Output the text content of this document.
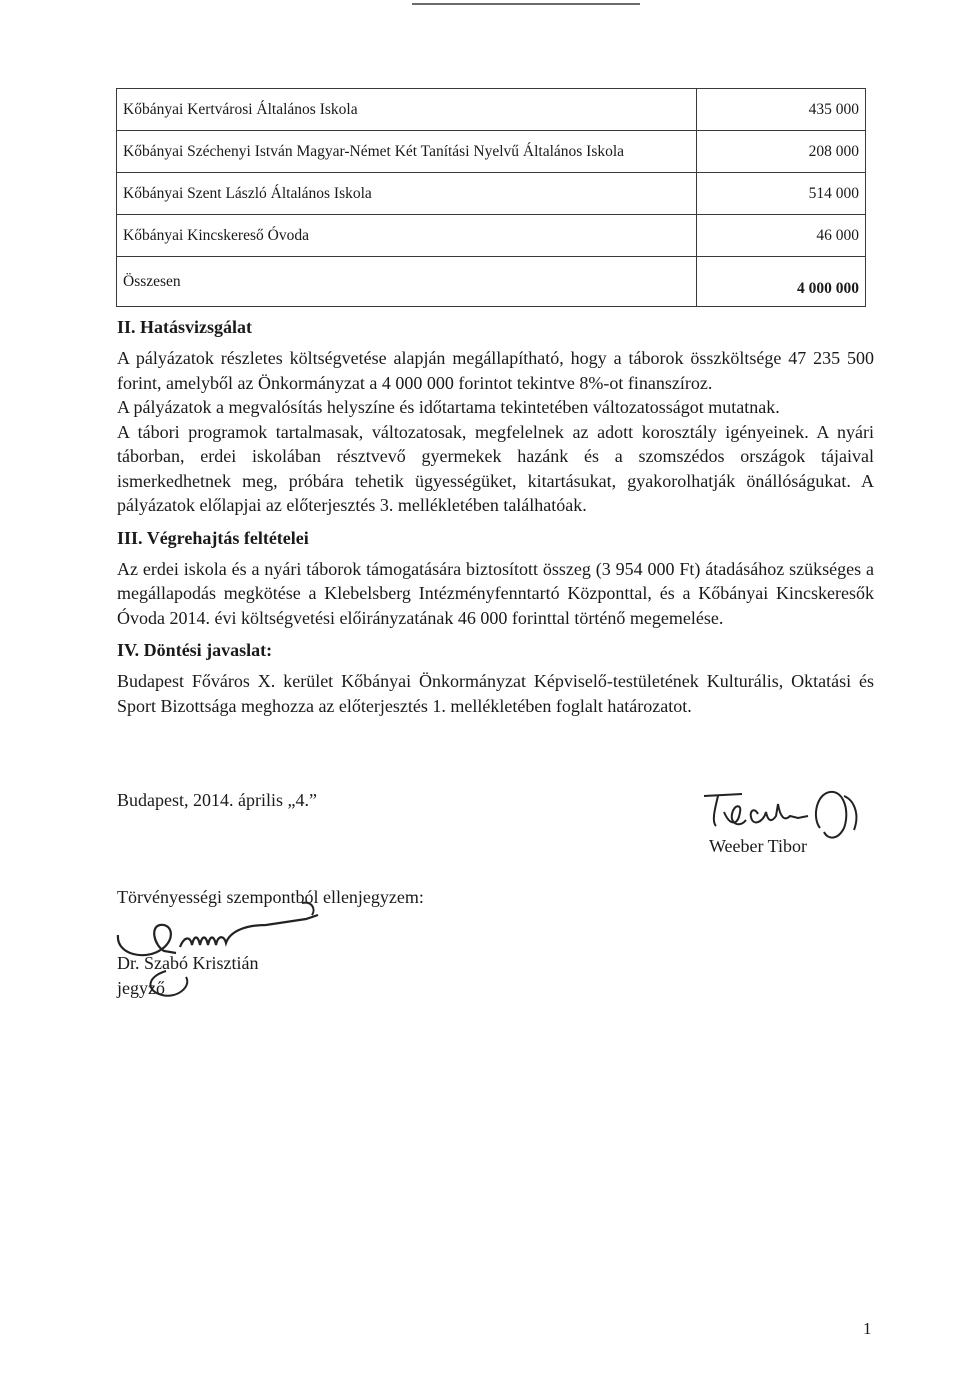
Kőbányai Kertvárosi Általános Iskola	435 000
Kőbányai Széchenyi István Magyar-Német Két Tanítási Nyelvű Általános Iskola	208 000
Kőbányai Szent László Általános Iskola	514 000
Kőbányai Kincskereső Óvoda	46 000
Összesen	4 000 000
II. Hatásvizsgálat

A pályázatok részletes költségvetése alapján megállapítható, hogy a táborok összköltsége 47 235 500 forint, amelyből az Önkormányzat a 4 000 000 forintot tekintve 8%-ot finanszíroz.

A pályázatok a megvalósítás helyszíne és időtartama tekintetében változatosságot mutatnak.

A tábori programok tartalmasak, változatosak, megfelelnek az adott korosztály igényeinek. A nyári táborban, erdei iskolában résztvevő gyermekek hazánk és a szomszédos országok tájaival ismerkedhetnek meg, próbára tehetik ügyességüket, kitartásukat, gyakorolhatják önállóságukat. A pályázatok előlapjai az előterjesztés 3. mellékletében találhatóak.

III. Végrehajtás feltételei

Az erdei iskola és a nyári táborok támogatására biztosított összeg (3 954 000 Ft) átadásához szükséges a megállapodás megkötése a Klebelsberg Intézményfenntartó Központtal, és a Kőbányai Kincskeresők Óvoda 2014. évi költségvetési előirányzatának 46 000 forinttal történő megemelése.

IV. Döntési javaslat:

Budapest Főváros X. kerület Kőbányai Önkormányzat Képviselő-testületének Kulturális, Oktatási és Sport Bizottsága meghozza az előterjesztés 1. mellékletében foglalt határozatot.

Budapest, 2014. április „4.”
Weeber Tibor
Törvényességi szempontból ellenjegyzem:
Dr. Szabó Krisztián
jegyző
1
